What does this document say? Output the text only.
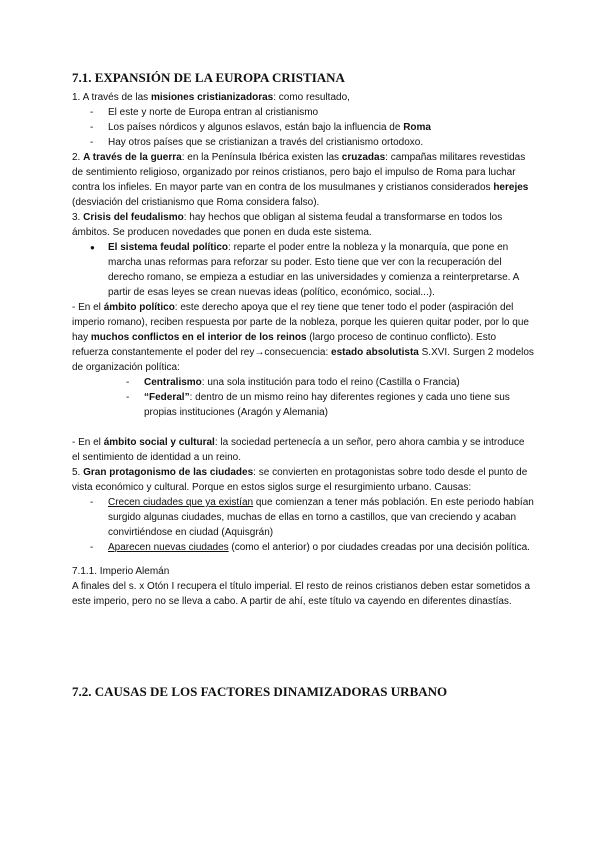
7.1. EXPANSIÓN DE LA EUROPA CRISTIANA

1. A través de las misiones cristianizadoras: como resultado,

- El este y norte de Europa entran al cristianismo
- Los países nórdicos y algunos eslavos, están bajo la influencia de Roma
- Hay otros países que se cristianizan a través del cristianismo ortodoxo.

2. A través de la guerra: en la Península Ibérica existen las cruzadas: campañas militares revestidas de sentimiento religioso, organizado por reinos cristianos, pero bajo el impulso de Roma para luchar contra los infieles. En mayor parte van en contra de los musulmanes y cristianos considerados herejes (desviación del cristianismo que Roma considera falso).

3. Crisis del feudalismo: hay hechos que obligan al sistema feudal a transformarse en todos los ámbitos. Se producen novedades que ponen en duda este sistema.

● El sistema feudal político: reparte el poder entre la nobleza y la monarquía, que pone en marcha unas reformas para reforzar su poder. Esto tiene que ver con la recuperación del derecho romano, se empieza a estudiar en las universidades y comienza a reinterpretarse. A partir de esas leyes se crean nuevas ideas (político, económico, social...).

- En el ámbito político: este derecho apoya que el rey tiene que tener todo el poder (aspiración del imperio romano), reciben respuesta por parte de la nobleza, porque les quieren quitar poder, por lo que hay muchos conflictos en el interior de los reinos (largo proceso de continuo conflicto). Esto refuerza constantemente el poder del rey→consecuencia: estado absolutista S.XVI. Surgen 2 modelos de organización política:

- Centralismo: una sola institución para todo el reino (Castilla o Francia)
- “Federal”: dentro de un mismo reino hay diferentes regiones y cada uno tiene sus propias instituciones (Aragón y Alemania)

- En el ámbito social y cultural: la sociedad pertenecía a un señor, pero ahora cambia y se introduce el sentimiento de identidad a un reino.

5. Gran protagonismo de las ciudades: se convierten en protagonistas sobre todo desde el punto de vista económico y cultural. Porque en estos siglos surge el resurgimiento urbano. Causas:

- Crecen ciudades que ya existían que comienzan a tener más población. En este periodo habían surgido algunas ciudades, muchas de ellas en torno a castillos, que van creciendo y acaban convirtiéndose en ciudad (Aquisgrán)
- Aparecen nuevas ciudades (como el anterior) o por ciudades creadas por una decisión política.

7.1.1. Imperio Alemán

A finales del s. x Otón I recupera el título imperial. El resto de reinos cristianos deben estar sometidos a este imperio, pero no se lleva a cabo. A partir de ahí, este título va cayendo en diferentes dinastías.

7.2. CAUSAS DE LOS FACTORES DINAMIZADORAS URBANO
